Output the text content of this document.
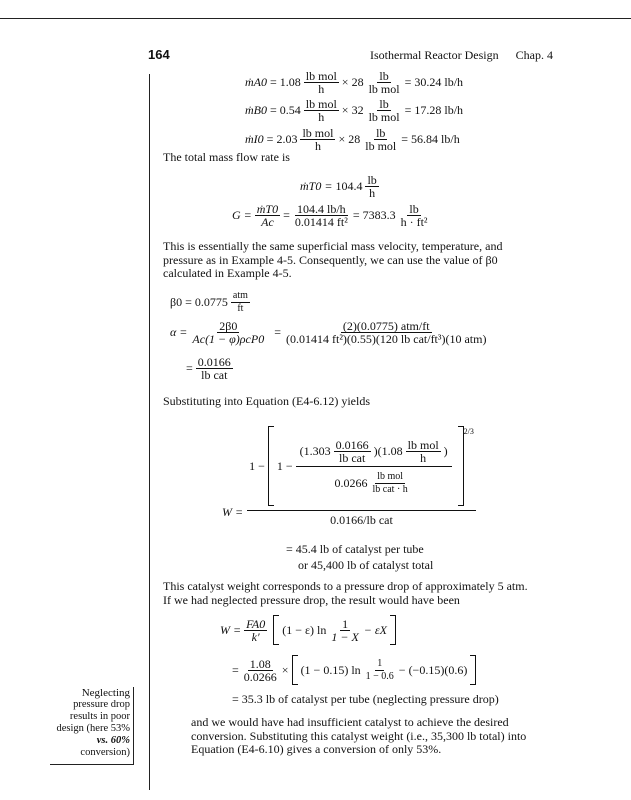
164	Isothermal Reactor Design Chap. 4
ṁA0
=
$1.08 \frac{\text{lb mol}}{h} \times 28 \frac{lb}{\text{lb mol}} = 30.24$ lb/h
ṁB0
=
$0.54 \frac{\text{lb mol}}{h} \times 32 \frac{lb}{\text{lb mol}} = 17.28$ lb/h
ṁI0
=
$2.03 \frac{\text{lb mol}}{h} \times 28 \frac{lb}{\text{lb mol}} = 56.84$ lb/h
The total mass flow rate is
ṁT0 =
$104.4 \frac{lb}{h}$
$G = \frac{\text{ṁT0}}{Ac} = \frac{104.4 lb/h}{\text{0.01414 ft²}} = 7383.3 \frac{lb}{\text{h · ft²}}$
This is essentially the same superficial mass velocity, temperature, and pressure as in Example 4-5. Consequently, we can use the value of β0 calculated in Example 4-5.
$\beta 0 = 0.0775 \frac{\text{atm}}{ft}$
$\alpha = \frac{2\beta 0}{\text{Ac(1 − φ)ρcP0}} = \frac{\text{(2)(0.0775) atm/ft}}{\text{(0.01414 ft²)(0.55)(120 lb cat/ft³)(10 atm)}}$
= $\frac{0.0166}{\text{lb cat}}$
Substituting into Equation (E4-6.12) yields
W =
$1 - 1 - \frac{( 1.303 \frac{0.0166}{\text{lb cat}} )( 1.08 \frac{\text{lb mol}}{h} )}{0.0266 \frac{\text{lb mol}}{\text{lb cat · h}}}$
$^{2/3}$
0.0166/lb cat
= 45.4 lb of catalyst per tube
or 45,400 lb of catalyst total
This catalyst weight corresponds to a pressure drop of approximately 5 atm. If we had neglected pressure drop, the result would have been
$W = \frac{FA0}{k'} (1 - \varepsilon)$ $\ln \frac{1}{1 - X} - \varepsilon X$
= $\frac{1.08}{0.0266} \times (1 - 0.15)$ $\ln \frac{1}{1 - 0.6} - (-0.15)(0.6)$
= 35.3 lb of catalyst per tube (neglecting pressure drop)
and we would have had insufficient catalyst to achieve the desired conversion. Substituting this catalyst weight (i.e., 35,300 lb total) into Equation (E4-6.10) gives a conversion of only 53%.
Neglecting
pressure drop
results in poor
design (here 53%
vs. 60%
conversion)
